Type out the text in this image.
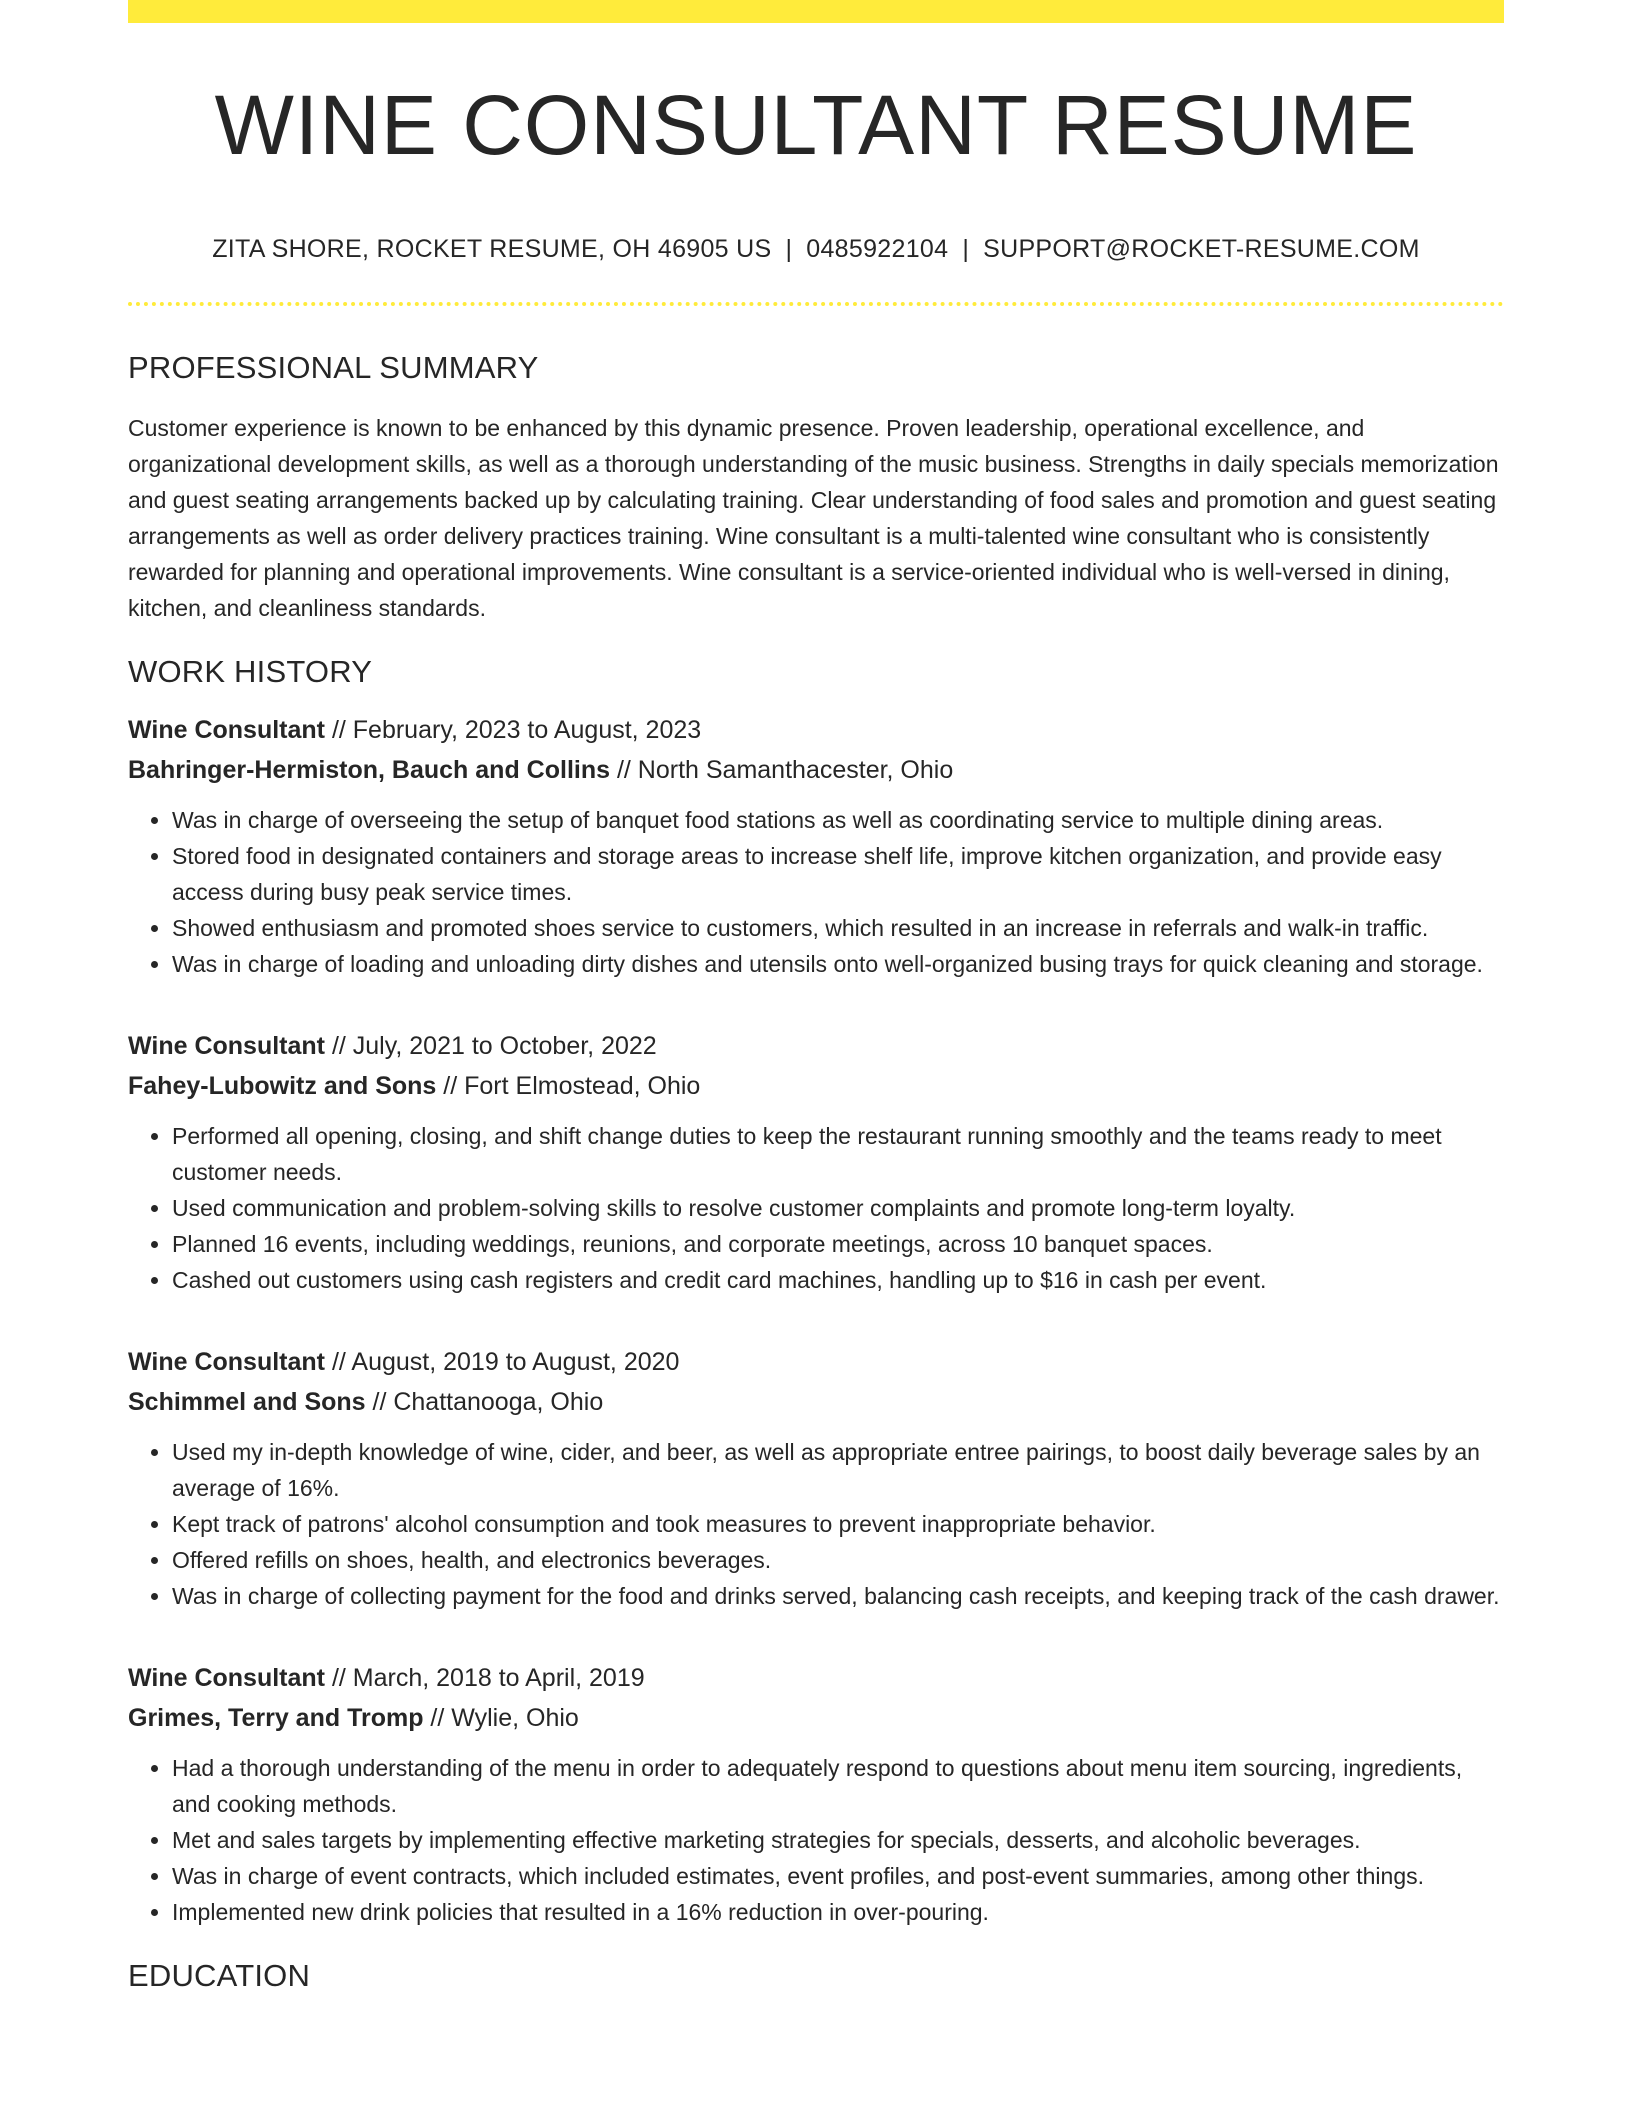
WINE CONSULTANT RESUME
ZITA SHORE, ROCKET RESUME, OH 46905 US | 0485922104 | SUPPORT@ROCKET-RESUME.COM
PROFESSIONAL SUMMARY
Customer experience is known to be enhanced by this dynamic presence. Proven leadership, operational excellence, and organizational development skills, as well as a thorough understanding of the music business. Strengths in daily specials memorization and guest seating arrangements backed up by calculating training. Clear understanding of food sales and promotion and guest seating arrangements as well as order delivery practices training. Wine consultant is a multi-talented wine consultant who is consistently rewarded for planning and operational improvements. Wine consultant is a service-oriented individual who is well-versed in dining, kitchen, and cleanliness standards.
WORK HISTORY
Wine Consultant // February, 2023 to August, 2023
Bahringer-Hermiston, Bauch and Collins // North Samanthacester, Ohio
• Was in charge of overseeing the setup of banquet food stations as well as coordinating service to multiple dining areas.
• Stored food in designated containers and storage areas to increase shelf life, improve kitchen organization, and provide easy access during busy peak service times.
• Showed enthusiasm and promoted shoes service to customers, which resulted in an increase in referrals and walk-in traffic.
• Was in charge of loading and unloading dirty dishes and utensils onto well-organized busing trays for quick cleaning and storage.
Wine Consultant // July, 2021 to October, 2022
Fahey-Lubowitz and Sons // Fort Elmostead, Ohio
• Performed all opening, closing, and shift change duties to keep the restaurant running smoothly and the teams ready to meet customer needs.
• Used communication and problem-solving skills to resolve customer complaints and promote long-term loyalty.
• Planned 16 events, including weddings, reunions, and corporate meetings, across 10 banquet spaces.
• Cashed out customers using cash registers and credit card machines, handling up to $16 in cash per event.
Wine Consultant // August, 2019 to August, 2020
Schimmel and Sons // Chattanooga, Ohio
• Used my in-depth knowledge of wine, cider, and beer, as well as appropriate entree pairings, to boost daily beverage sales by an average of 16%.
• Kept track of patrons' alcohol consumption and took measures to prevent inappropriate behavior.
• Offered refills on shoes, health, and electronics beverages.
• Was in charge of collecting payment for the food and drinks served, balancing cash receipts, and keeping track of the cash drawer.
Wine Consultant // March, 2018 to April, 2019
Grimes, Terry and Tromp // Wylie, Ohio
• Had a thorough understanding of the menu in order to adequately respond to questions about menu item sourcing, ingredients, and cooking methods.
• Met and sales targets by implementing effective marketing strategies for specials, desserts, and alcoholic beverages.
• Was in charge of event contracts, which included estimates, event profiles, and post-event summaries, among other things.
• Implemented new drink policies that resulted in a 16% reduction in over-pouring.
EDUCATION
